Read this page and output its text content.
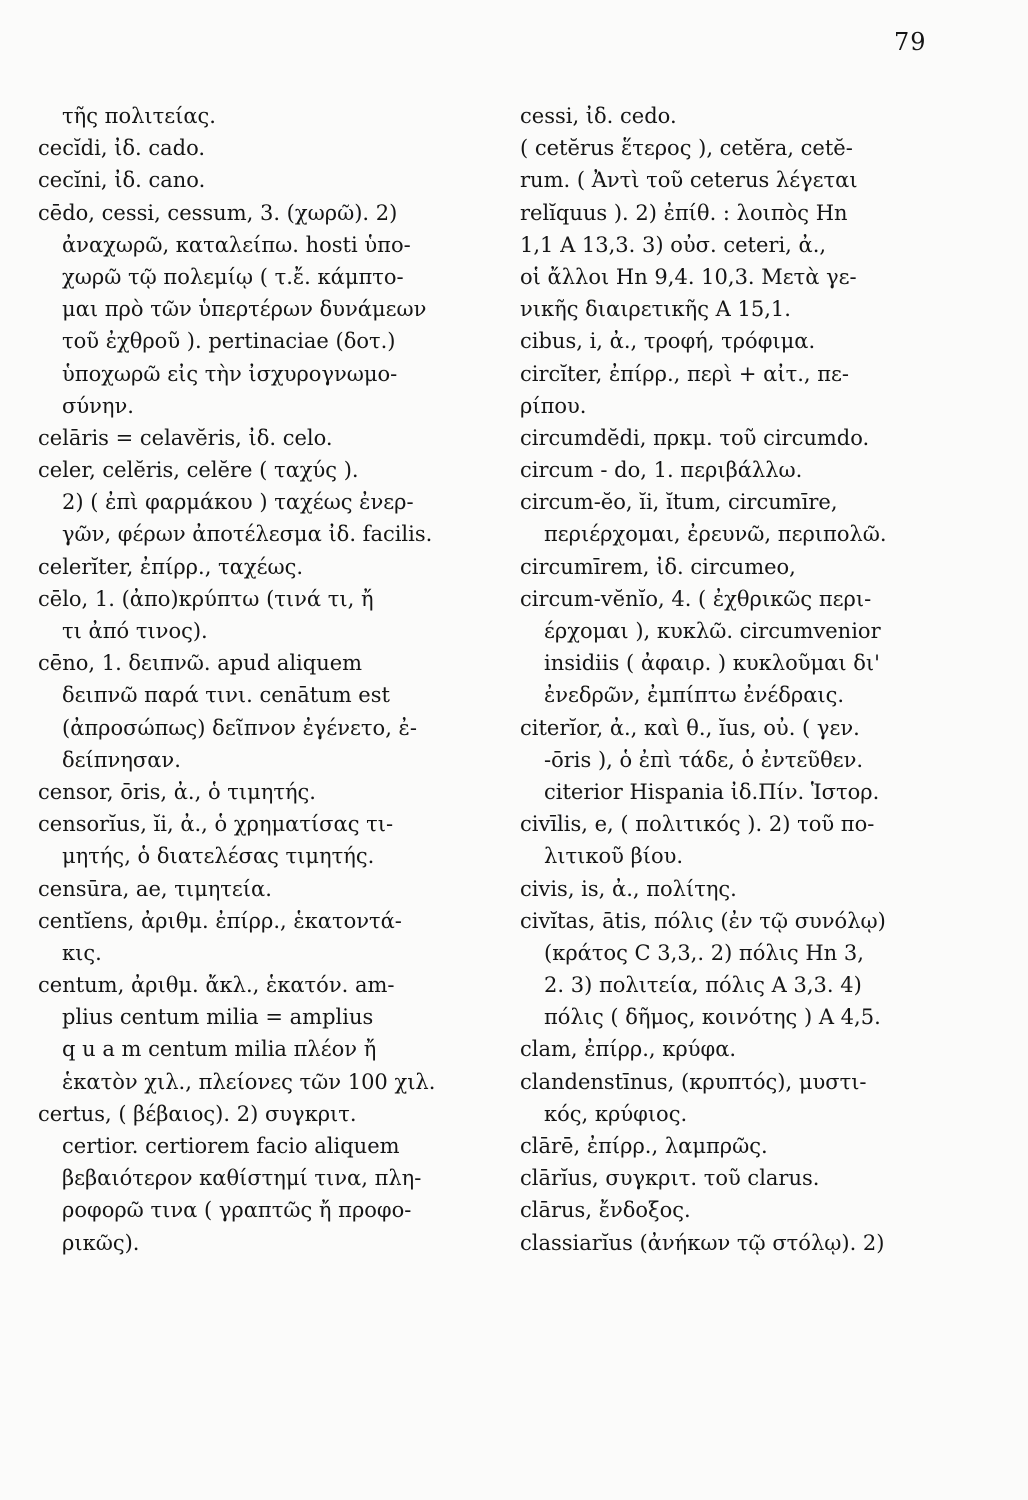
79
τῆς πολιτείας.
cecĭdi, ἰδ. cado.
cecĭni, ἰδ. cano.
cēdo, cessi, cessum, 3. (χωρῶ). 2)
ἀναχωρῶ, καταλείπω. hosti ὑπο-
χωρῶ τῷ πολεμίῳ ( τ.ἔ. κάμπτο-
μαι πρὸ τῶν ὑπερτέρων δυνάμεων
τοῦ ἐχθροῦ ). pertinaciae (δοτ.)
ὑποχωρῶ εἰς τὴν ἰσχυρογνωμο-
σύνην.
celāris = celavĕris, ἰδ. celo.
celer, celĕris, celĕre ( ταχύς ).
2) ( ἐπὶ φαρμάκου ) ταχέως ἐνερ-
γῶν, φέρων ἀποτέλεσμα ἰδ. facilis.
celerĭter, ἐπίρρ., ταχέως.
cēlo, 1. (ἀπο)κρύπτω (τινά τι, ἤ
τι ἀπό τινος).
cēno, 1. δειπνῶ. apud aliquem
δειπνῶ παρά τινι. cenātum est
(ἀπροσώπως) δεῖπνον ἐγένετο, ἐ-
δείπνησαν.
censor, ōris, ἀ., ὁ τιμητής.
censorĭus, ĭi, ἀ., ὁ χρηματίσας τι-
μητής, ὁ διατελέσας τιμητής.
censūra, ae, τιμητεία.
centĭens, ἀριθμ. ἐπίρρ., ἑκατοντά-
κις.
centum, ἀριθμ. ἄκλ., ἑκατόν. am-
plius centum milia = amplius
q u a m centum milia πλέον ἤ
ἑκατὸν χιλ., πλείονες τῶν 100 χιλ.
certus, ( βέβαιος). 2) συγκριτ.
certior. certiorem facio aliquem
βεβαιότερον καθίστημί τινα, πλη-
ροφορῶ τινα ( γραπτῶς ἤ προφο-
ρικῶς).
cessi, ἰδ. cedo.
( cetĕrus ἕτερος ), cetĕra, cetĕ-
rum. ( Ἀντὶ τοῦ ceterus λέγεται
relĭquus ). 2) ἐπίθ. : λοιπὸς Hn
1,1 A 13,3. 3) οὐσ. ceteri, ἀ.,
οἱ ἄλλοι Hn 9,4. 10,3. Μετὰ γε-
νικῆς διαιρετικῆς A 15,1.
cibus, i, ἀ., τροφή, τρόφιμα.
circĭter, ἐπίρρ., περὶ + αἰτ., πε-
ρίπου.
circumdĕdi, πρκμ. τοῦ circumdo.
circum - do, 1. περιβάλλω.
circum-ĕo, ĭi, ĭtum, circumīre,
περιέρχομαι, ἐρευνῶ, περιπολῶ.
circumīrem, ἰδ. circumeo,
circum-vĕnĭo, 4. ( ἐχθρικῶς περι-
έρχομαι ), κυκλῶ. circumvenior
insidiis ( ἀφαιρ. ) κυκλοῦμαι δι'
ἐνεδρῶν, ἐμπίπτω ἐνέδραις.
citerĭor, ἀ., καὶ θ., ĭus, οὐ. ( γεν.
-ōris ), ὁ ἐπὶ τάδε, ὁ ἐντεῦθεν.
citerior Hispania ἰδ.Πίν. Ἱστορ.
civīlis, e, ( πολιτικός ). 2) τοῦ πο-
λιτικοῦ βίου.
civis, is, ἀ., πολίτης.
civĭtas, ātis, πόλις (ἐν τῷ συνόλῳ)
(κράτος C 3,3,. 2) πόλις Hn 3,
2. 3) πολιτεία, πόλις A 3,3. 4)
πόλις ( δῆμος, κοινότης ) A 4,5.
clam, ἐπίρρ., κρύφα.
clandenstīnus, (κρυπτός), μυστι-
κός, κρύφιος.
clārē, ἐπίρρ., λαμπρῶς.
clārĭus, συγκριτ. τοῦ clarus.
clārus, ἔνδοξος.
classiarĭus (ἀνήκων τῷ στόλῳ). 2)
